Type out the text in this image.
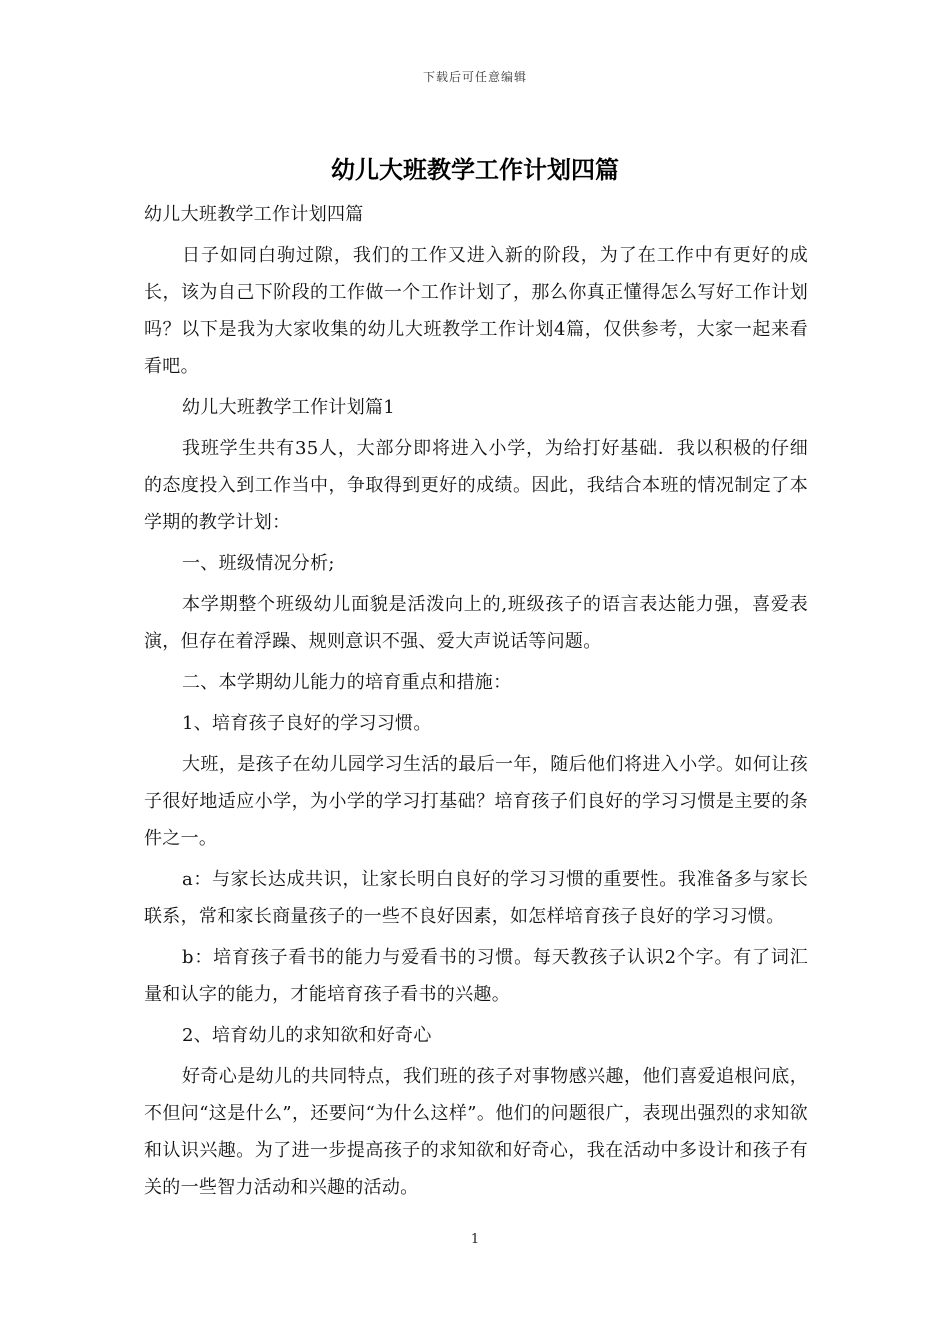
下载后可任意编辑
幼儿大班教学工作计划四篇

幼儿大班教学工作计划四篇

日子如同白驹过隙，我们的工作又进入新的阶段，为了在工作中有更好的成长，该为自己下阶段的工作做一个工作计划了，那么你真正懂得怎么写好工作计划吗？以下是我为大家收集的幼儿大班教学工作计划4篇，仅供参考，大家一起来看看吧。

幼儿大班教学工作计划篇1

我班学生共有35人，大部分即将进入小学，为给打好基础．我以积极的仔细的态度投入到工作当中，争取得到更好的成绩。因此，我结合本班的情况制定了本学期的教学计划：

一、班级情况分析;

本学期整个班级幼儿面貌是活泼向上的,班级孩子的语言表达能力强，喜爱表演，但存在着浮躁、规则意识不强、爱大声说话等问题。

二、本学期幼儿能力的培育重点和措施：

1、培育孩子良好的学习习惯。

大班，是孩子在幼儿园学习生活的最后一年，随后他们将进入小学。如何让孩子很好地适应小学，为小学的学习打基础？培育孩子们良好的学习习惯是主要的条件之一。

a：与家长达成共识，让家长明白良好的学习习惯的重要性。我准备多与家长联系，常和家长商量孩子的一些不良好因素，如怎样培育孩子良好的学习习惯。

b：培育孩子看书的能力与爱看书的习惯。每天教孩子认识2个字。有了词汇量和认字的能力，才能培育孩子看书的兴趣。

2、培育幼儿的求知欲和好奇心

好奇心是幼儿的共同特点，我们班的孩子对事物感兴趣，他们喜爱追根问底，不但问“这是什么”，还要问“为什么这样”。他们的问题很广，表现出强烈的求知欲和认识兴趣。为了进一步提高孩子的求知欲和好奇心，我在活动中多设计和孩子有关的一些智力活动和兴趣的活动。

1
